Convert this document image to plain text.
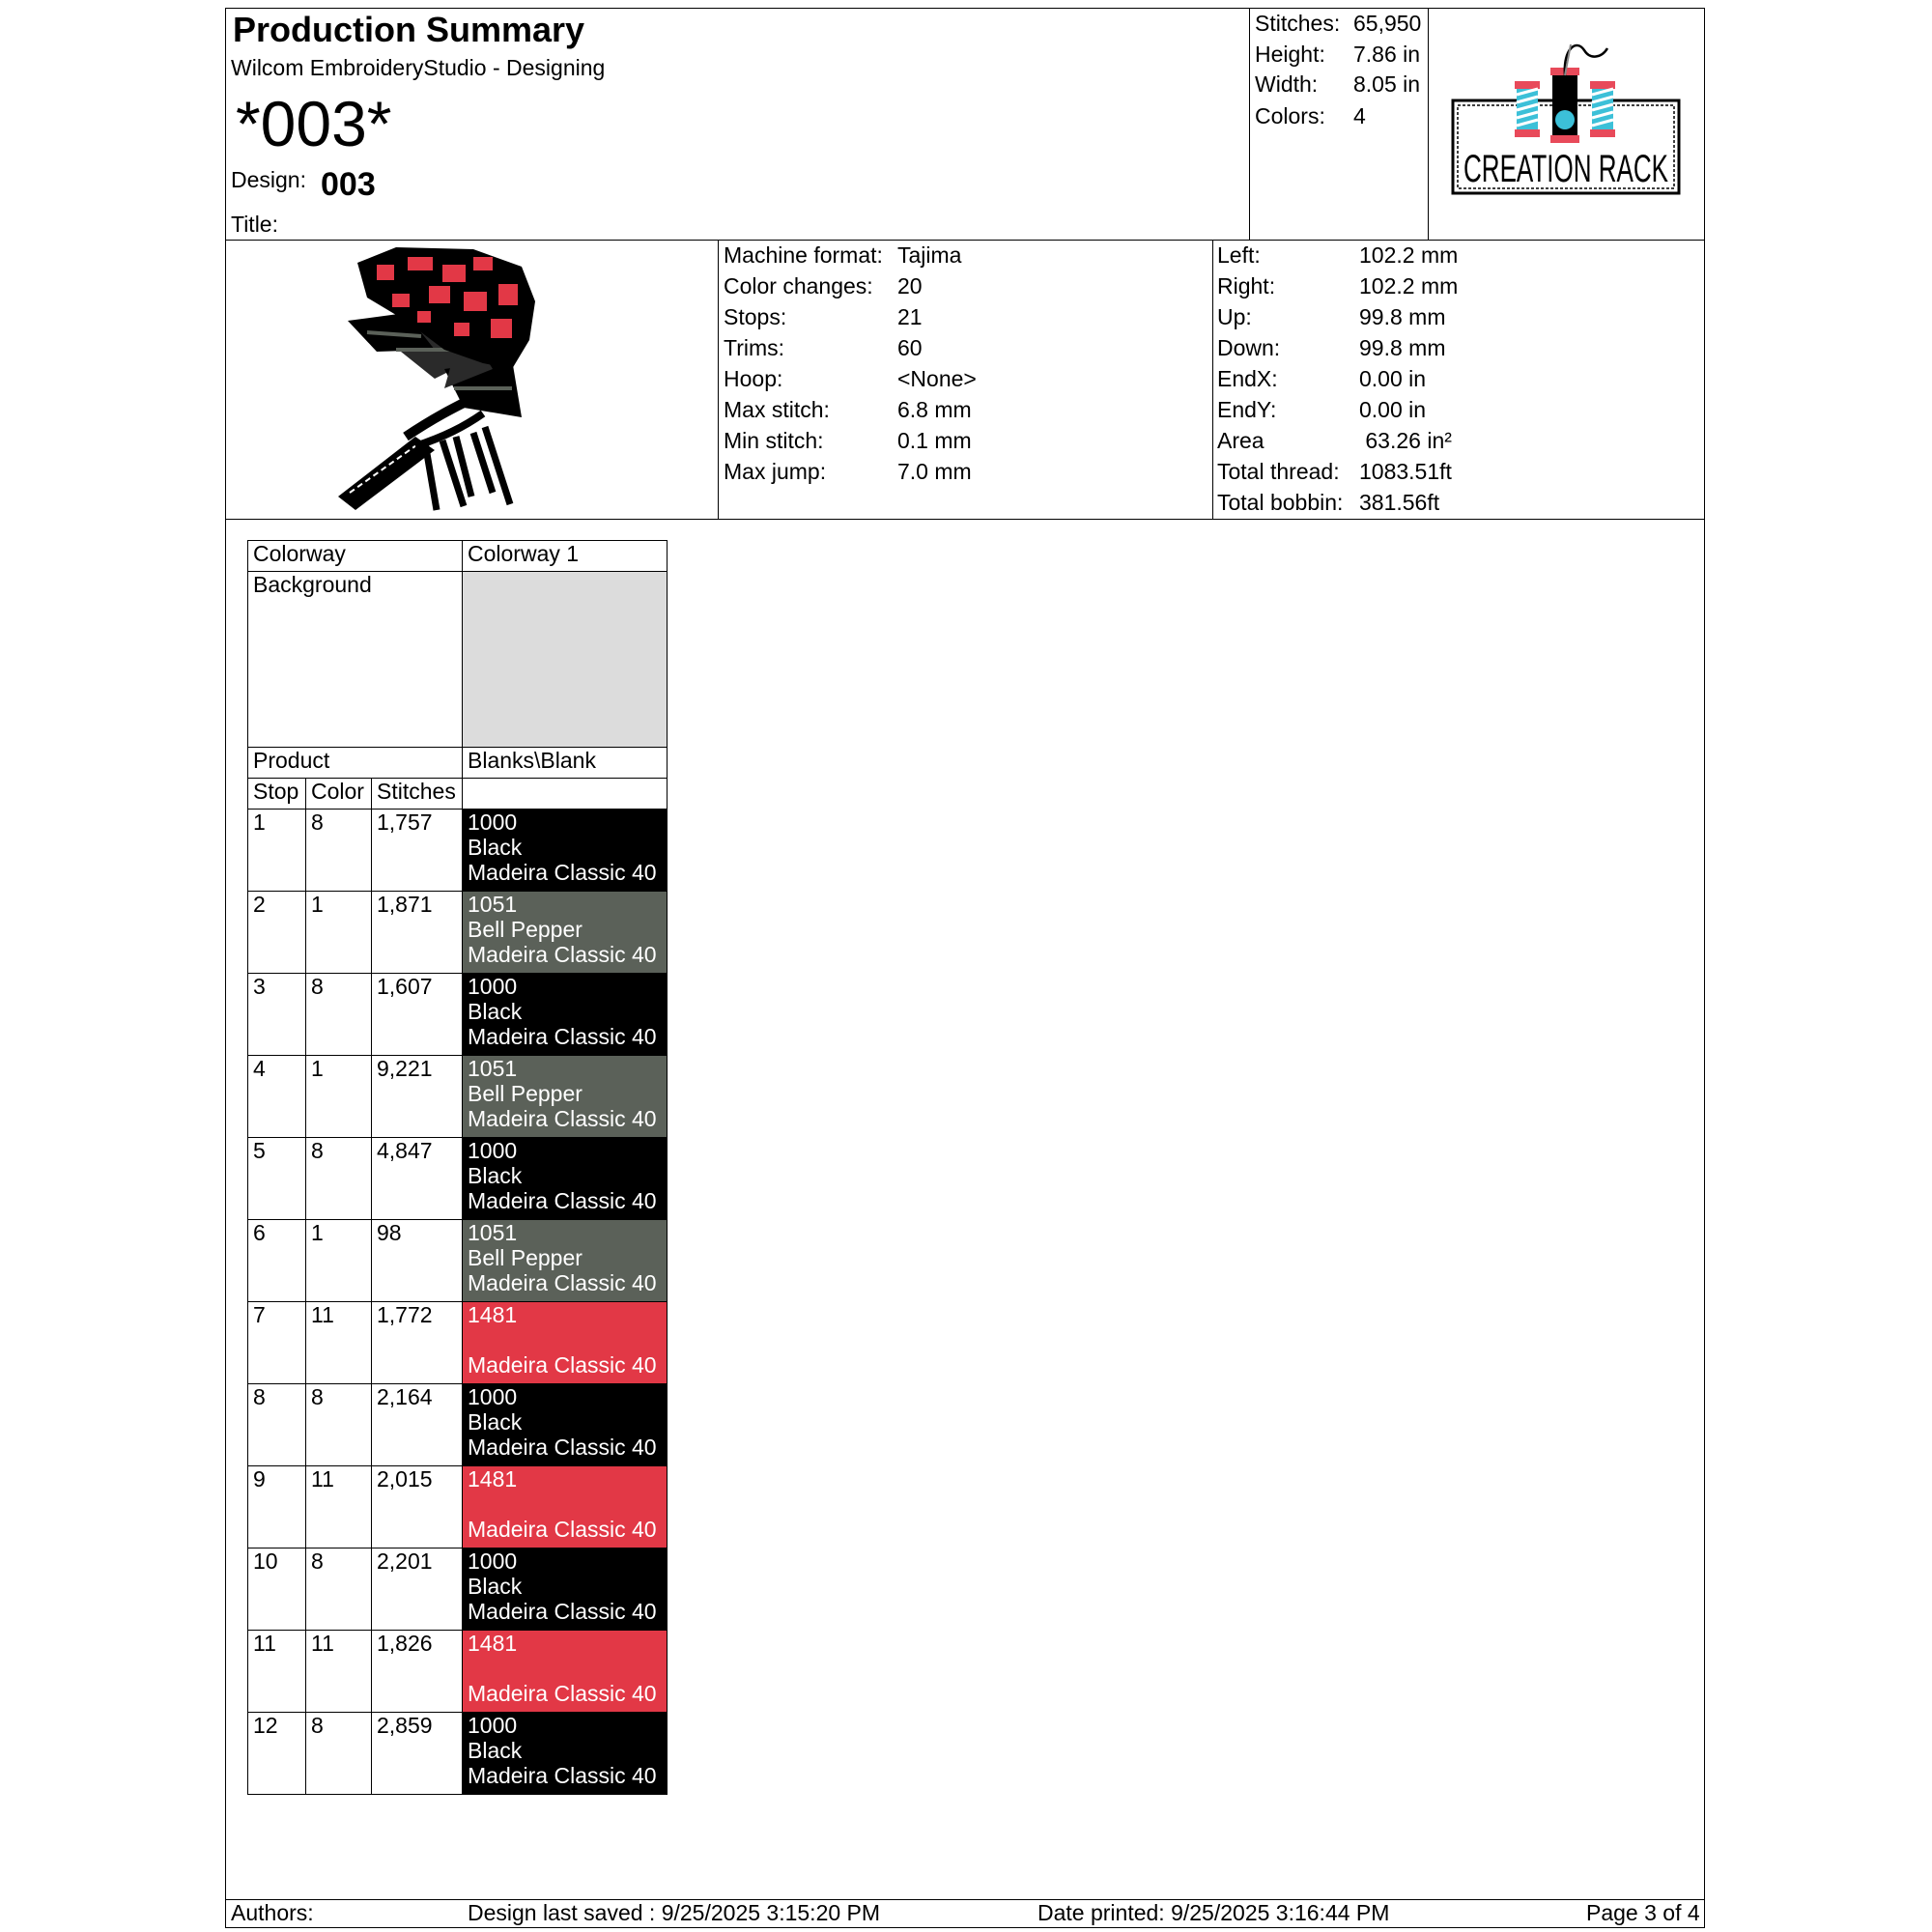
Production Summary
Wilcom EmbroideryStudio - Designing
*003*
Design: 003
Title:
Stitches: 65,950
Height: 7.86 in
Width: 8.05 in
Colors: 4
CREATION RACK
Machine format: Tajima
Color changes: 20
Stops:	21
Trims:	60
Hoop:	<None>
Max stitch:	6.8 mm
Min stitch:	0.1 mm
Max jump:	7.0 mm
Left:	102.2 mm
Right:	102.2 mm
Up:	99.8 mm
Down:	99.8 mm
EndX:	0.00 in
EndY:	0.00 in
Area	63.26 in²
Total thread: 1083.51ft
Total bobbin: 381.56ft
Colorway			Colorway 1
Background			
Product			Blanks\Blank
Stop	Color	Stitches	
1	8	1,757	1000
Black
Madeira Classic 40

2	1	1,871	1051
Bell Pepper
Madeira Classic 40

3	8	1,607	1000
Black
Madeira Classic 40

4	1	9,221	1051
Bell Pepper
Madeira Classic 40

5	8	4,847	1000
Black
Madeira Classic 40

6	1	98	1051
Bell Pepper
Madeira Classic 40

7	11	1,772	1481
Madeira Classic 40

8	8	2,164	1000
Black
Madeira Classic 40

9	11	2,015	1481
Madeira Classic 40

10	8	2,201	1000
Black
Madeira Classic 40

11	11	1,826	1481
Madeira Classic 40

12	8	2,859	1000
Black
Madeira Classic 40
Authors:	Design last saved : 9/25/2025 3:15:20 PM	Date printed: 9/25/2025 3:16:44 PM	Page 3 of 4
